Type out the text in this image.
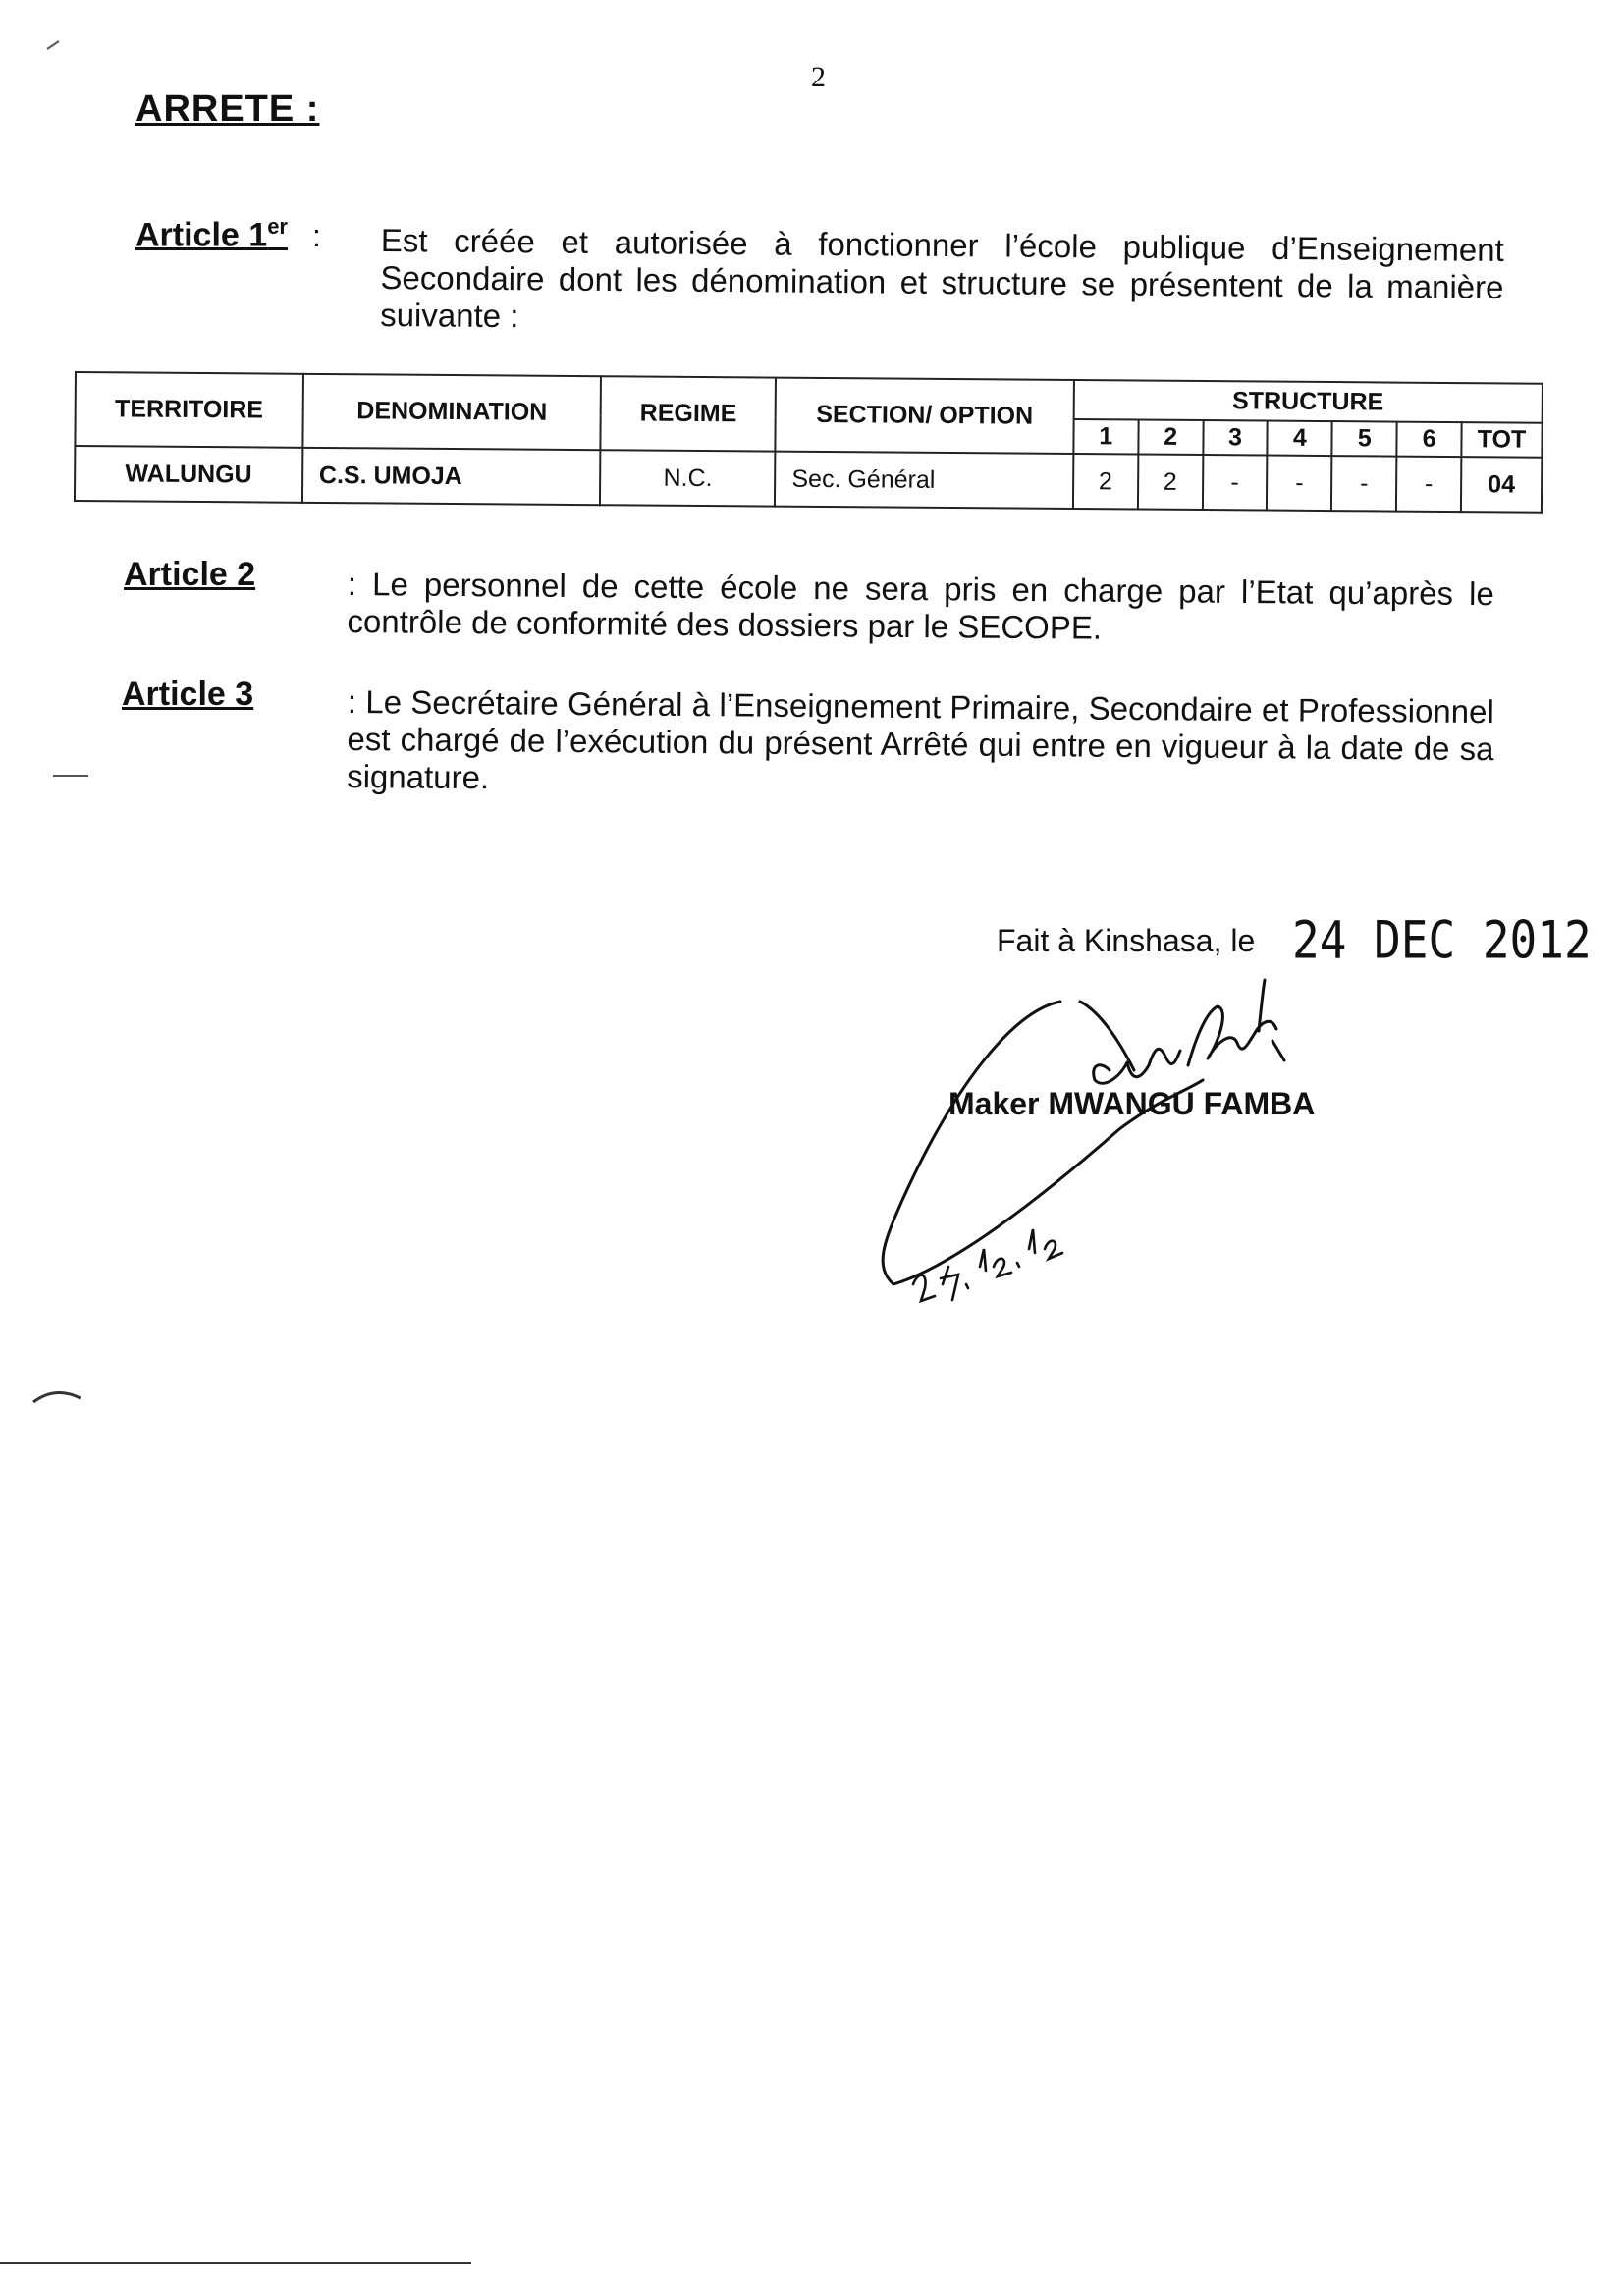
2
ARRETE :
Article 1er : Est créée et autorisée à fonctionner l’école publique d’Enseignement Secondaire dont les dénomination et structure se présentent de la manière suivante :
TERRITOIRE	DENOMINATION	REGIME	SECTION/ OPTION	STRUCTURE						
				1	2	3	4	5	6	TOT
WALUNGU	C.S. UMOJA	N.C.	Sec. Général	2	2	-	-	-	-	04
Article 2	: Le personnel de cette école ne sera pris en charge par l’Etat qu’après le contrôle de conformité des dossiers par le SECOPE.
Article 3	: Le Secrétaire Général à l’Enseignement Primaire, Secondaire et Professionnel est chargé de l’exécution du présent Arrêté qui entre en vigueur à la date de sa signature.
Fait à Kinshasa, le 24 DEC 2012
Maker MWANGU FAMBA
